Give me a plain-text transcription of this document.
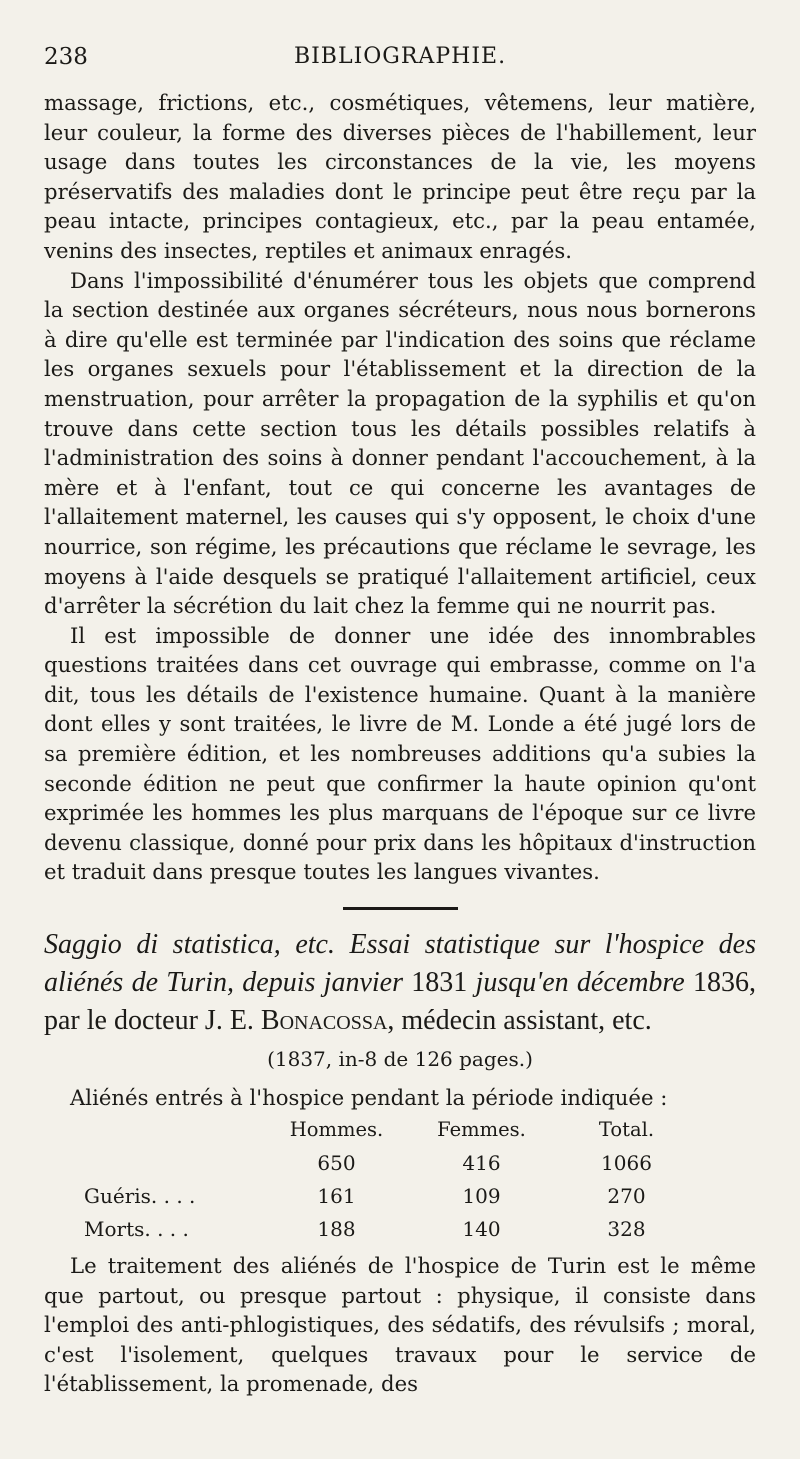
238	BIBLIOGRAPHIE.

massage, frictions, etc., cosmétiques, vêtemens, leur matière, leur couleur, la forme des diverses pièces de l'habillement, leur usage dans toutes les circonstances de la vie, les moyens préservatifs des maladies dont le principe peut être reçu par la peau intacte, principes contagieux, etc., par la peau entamée, venins des insectes, reptiles et animaux enragés.

Dans l'impossibilité d'énumérer tous les objets que comprend la section destinée aux organes sécréteurs, nous nous bornerons à dire qu'elle est terminée par l'indication des soins que réclame les organes sexuels pour l'établissement et la direction de la menstruation, pour arrêter la propagation de la syphilis et qu'on trouve dans cette section tous les détails possibles relatifs à l'administration des soins à donner pendant l'accouchement, à la mère et à l'enfant, tout ce qui concerne les avantages de l'allaitement maternel, les causes qui s'y opposent, le choix d'une nourrice, son régime, les précautions que réclame le sevrage, les moyens à l'aide desquels se pratiqué l'allaitement artificiel, ceux d'arrêter la sécrétion du lait chez la femme qui ne nourrit pas.

Il est impossible de donner une idée des innombrables questions traitées dans cet ouvrage qui embrasse, comme on l'a dit, tous les détails de l'existence humaine. Quant à la manière dont elles y sont traitées, le livre de M. Londe a été jugé lors de sa première édition, et les nombreuses additions qu'a subies la seconde édition ne peut que confirmer la haute opinion qu'ont exprimée les hommes les plus marquans de l'époque sur ce livre devenu classique, donné pour prix dans les hôpitaux d'instruction et traduit dans presque toutes les langues vivantes.

Saggio di statistica, etc. Essai statistique sur l'hospice des aliénés de Turin, depuis janvier 1831 jusqu'en décembre 1836, par le docteur J. E. Bonacossa, médecin assistant, etc.
(1837, in-8 de 126 pages.)
Aliénés entrés à l'hospice pendant la période indiquée :
	Hommes.	Femmes.	Total.
	650	416	1066
Guéris. . . .	161	109	270
Morts. . . .	188	140	328

Le traitement des aliénés de l'hospice de Turin est le même que partout, ou presque partout : physique, il consiste dans l'emploi des anti-phlogistiques, des sédatifs, des révulsifs ; moral, c'est l'isolement, quelques travaux pour le service de l'établissement, la promenade, des
